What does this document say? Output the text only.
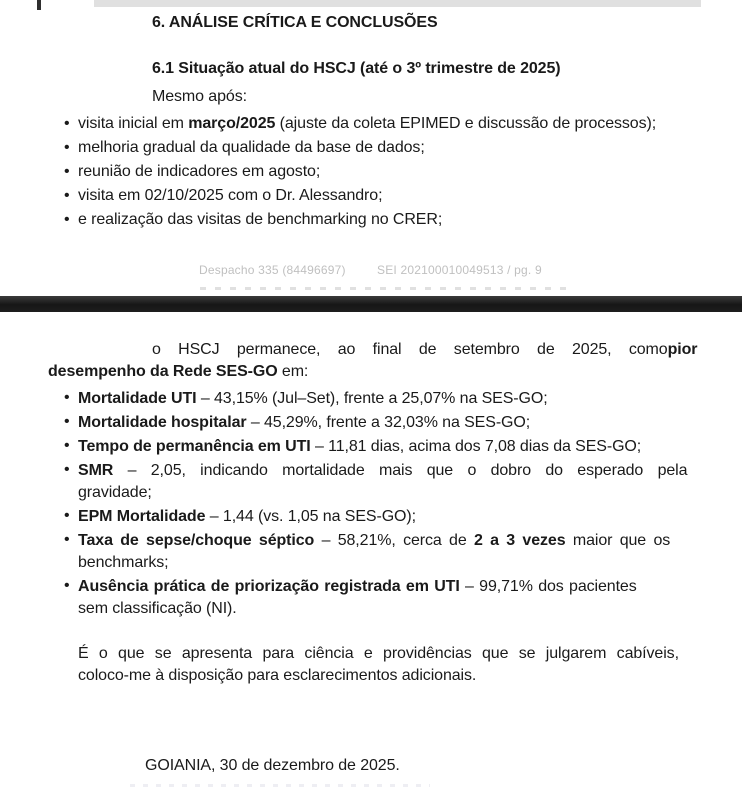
6. ANÁLISE CRÍTICA E CONCLUSÕES
6.1 Situação atual do HSCJ (até o 3º trimestre de 2025)
Mesmo após:
• visita inicial em março/2025 (ajuste da coleta EPIMED e discussão de processos);
• melhoria gradual da qualidade da base de dados;
• reunião de indicadores em agosto;
• visita em 02/10/2025 com o Dr. Alessandro;
• e realização das visitas de benchmarking no CRER;
Despacho 335 (84496697)	SEI 202100010049513 / pg. 9
o HSCJ permanece, ao final de setembro de 2025, comopior
desempenho da Rede SES-GO em:
• Mortalidade UTI – 43,15% (Jul–Set), frente a 25,07% na SES-GO;
• Mortalidade hospitalar – 45,29%, frente a 32,03% na SES-GO;
• Tempo de permanência em UTI – 11,81 dias, acima dos 7,08 dias da SES-GO;
• SMR – 2,05, indicando mortalidade mais que o dobro do esperado pela
gravidade;
• EPM Mortalidade – 1,44 (vs. 1,05 na SES-GO);
• Taxa de sepse/choque séptico – 58,21%, cerca de 2 a 3 vezes maior que os
benchmarks;
• Ausência prática de priorização registrada em UTI – 99,71% dos pacientes
sem classificação (NI).
É o que se apresenta para ciência e providências que se julgarem cabíveis,
coloco-me à disposição para esclarecimentos adicionais.
GOIANIA, 30 de dezembro de 2025.
